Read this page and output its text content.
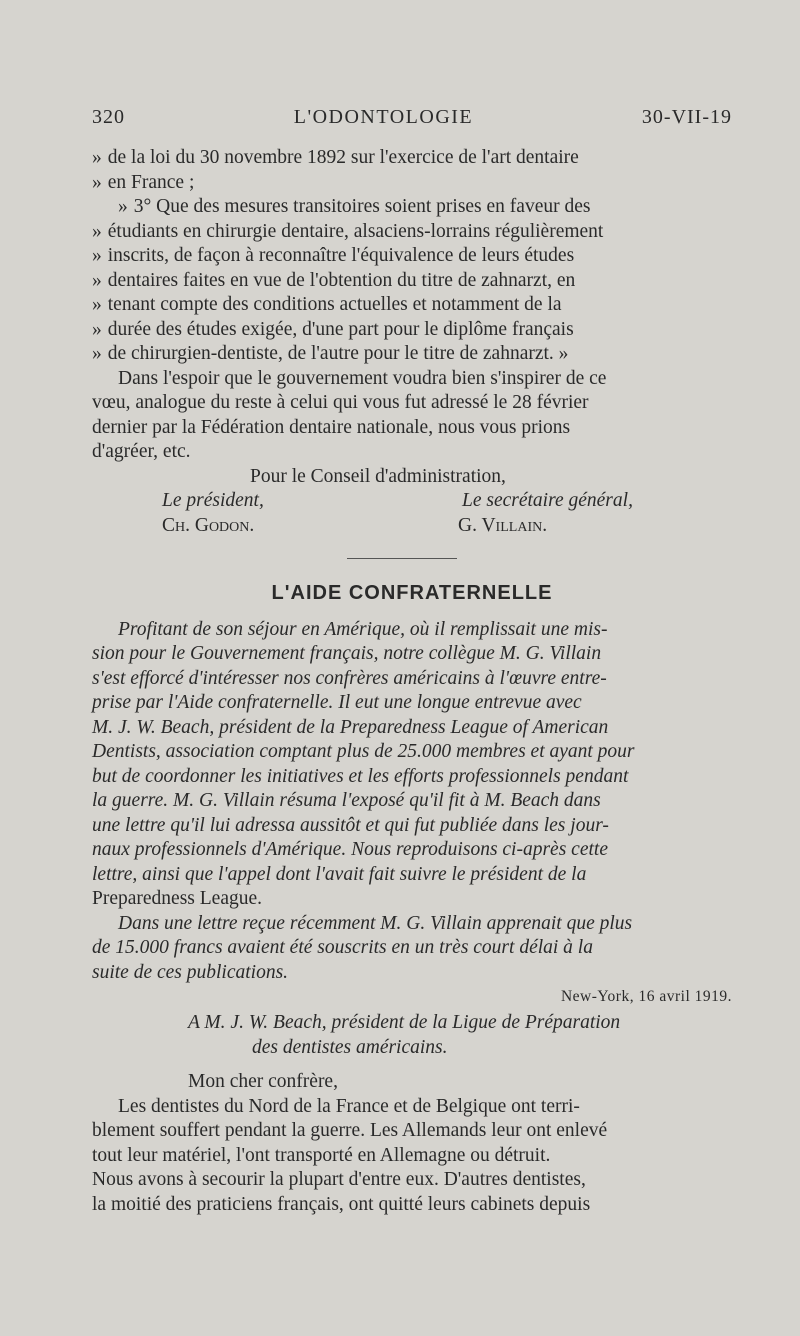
320	L'ODONTOLOGIE	30-VII-19
» de la loi du 30 novembre 1892 sur l'exercice de l'art dentaire
» en France ;
» 3° Que des mesures transitoires soient prises en faveur des
» étudiants en chirurgie dentaire, alsaciens-lorrains régulièrement
» inscrits, de façon à reconnaître l'équivalence de leurs études
» dentaires faites en vue de l'obtention du titre de zahnarzt, en
» tenant compte des conditions actuelles et notamment de la
» durée des études exigée, d'une part pour le diplôme français
» de chirurgien-dentiste, de l'autre pour le titre de zahnarzt. »
Dans l'espoir que le gouvernement voudra bien s'inspirer de ce
vœu, analogue du reste à celui qui vous fut adressé le 28 février
dernier par la Fédération dentaire nationale, nous vous prions
d'agréer, etc.
Pour le Conseil d'administration,
Le président,	Le secrétaire général,
Ch. Godon.	G. Villain.
L'AIDE CONFRATERNELLE
Profitant de son séjour en Amérique, où il remplissait une mis-
sion pour le Gouvernement français, notre collègue M. G. Villain
s'est efforcé d'intéresser nos confrères américains à l'œuvre entre-
prise par l'Aide confraternelle. Il eut une longue entrevue avec
M. J. W. Beach, président de la Preparedness League of American
Dentists, association comptant plus de 25.000 membres et ayant pour
but de coordonner les initiatives et les efforts professionnels pendant
la guerre. M. G. Villain résuma l'exposé qu'il fit à M. Beach dans
une lettre qu'il lui adressa aussitôt et qui fut publiée dans les jour-
naux professionnels d'Amérique. Nous reproduisons ci-après cette
lettre, ainsi que l'appel dont l'avait fait suivre le président de la
Preparedness League.
Dans une lettre reçue récemment M. G. Villain apprenait que plus
de 15.000 francs avaient été souscrits en un très court délai à la
suite de ces publications.
New-York, 16 avril 1919.
A M. J. W. Beach, président de la Ligue de Préparation
des dentistes américains.
Mon cher confrère,
Les dentistes du Nord de la France et de Belgique ont terri-
blement souffert pendant la guerre. Les Allemands leur ont enlevé
tout leur matériel, l'ont transporté en Allemagne ou détruit.
Nous avons à secourir la plupart d'entre eux. D'autres dentistes,
la moitié des praticiens français, ont quitté leurs cabinets depuis
